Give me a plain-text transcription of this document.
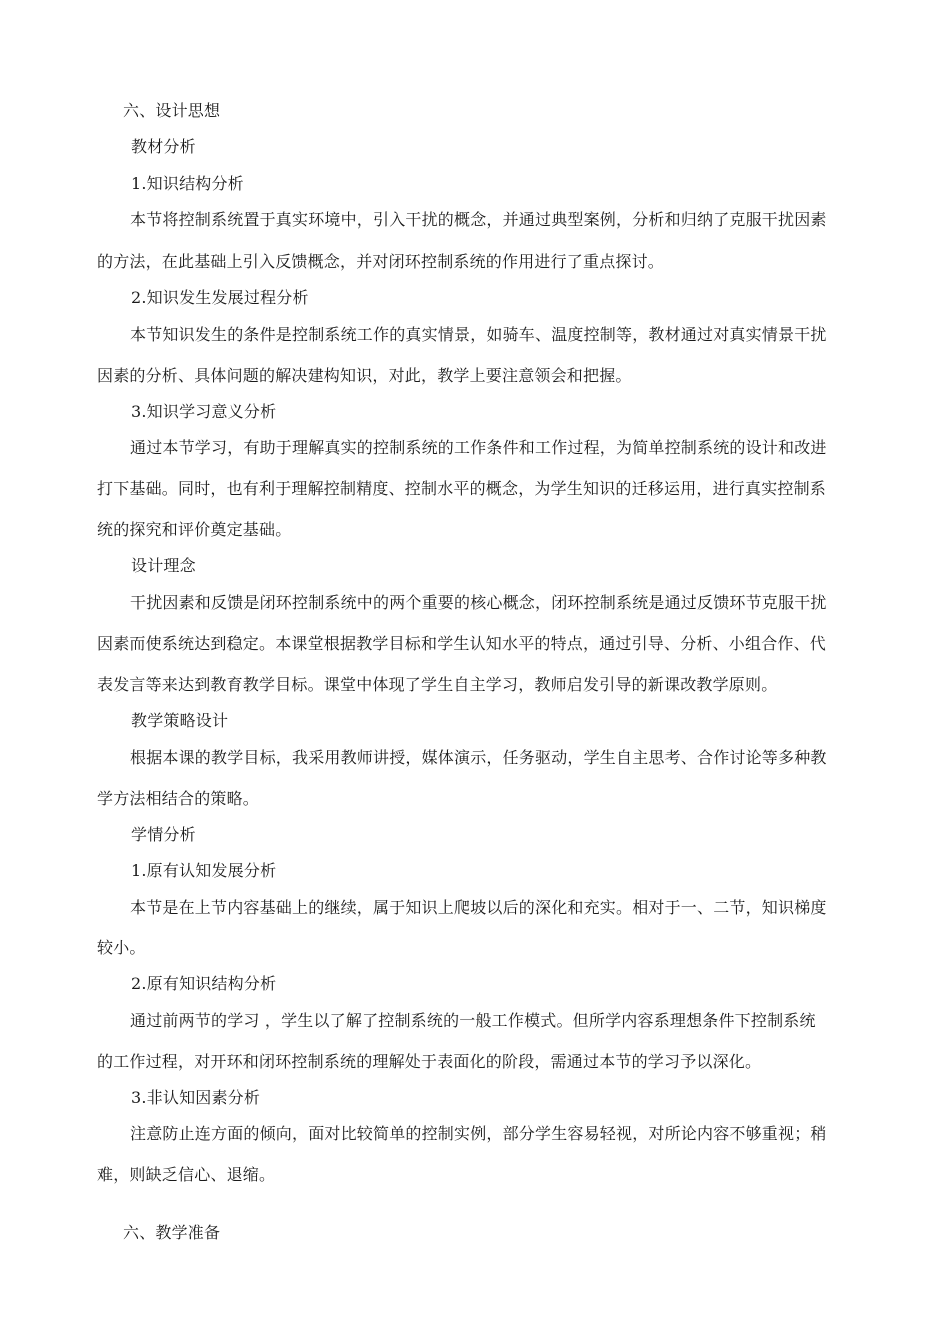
六、设计思想
教材分析
1.知识结构分析
本节将控制系统置于真实环境中，引入干扰的概念，并通过典型案例，分析和归纳了克服干扰因素
的方法，在此基础上引入反馈概念，并对闭环控制系统的作用进行了重点探讨。
2.知识发生发展过程分析
本节知识发生的条件是控制系统工作的真实情景，如骑车、温度控制等，教材通过对真实情景干扰
因素的分析、具体问题的解决建构知识，对此，教学上要注意领会和把握。
3.知识学习意义分析
通过本节学习，有助于理解真实的控制系统的工作条件和工作过程，为简单控制系统的设计和改进
打下基础。同时，也有利于理解控制精度、控制水平的概念，为学生知识的迁移运用，进行真实控制系
统的探究和评价奠定基础。
设计理念
干扰因素和反馈是闭环控制系统中的两个重要的核心概念，闭环控制系统是通过反馈环节克服干扰
因素而使系统达到稳定。本课堂根据教学目标和学生认知水平的特点，通过引导、分析、小组合作、代
表发言等来达到教育教学目标。课堂中体现了学生自主学习，教师启发引导的新课改教学原则。
教学策略设计
根据本课的教学目标，我采用教师讲授，媒体演示，任务驱动，学生自主思考、合作讨论等多种教
学方法相结合的策略。
学情分析
1.原有认知发展分析
本节是在上节内容基础上的继续，属于知识上爬坡以后的深化和充实。相对于一、二节，知识梯度
较小。
2.原有知识结构分析
通过前两节的学习 ，学生以了解了控制系统的一般工作模式。但所学内容系理想条件下控制系统
的工作过程，对开环和闭环控制系统的理解处于表面化的阶段，需通过本节的学习予以深化。
3.非认知因素分析
注意防止连方面的倾向，面对比较简单的控制实例，部分学生容易轻视，对所论内容不够重视；稍
难，则缺乏信心、退缩。
六、教学准备
